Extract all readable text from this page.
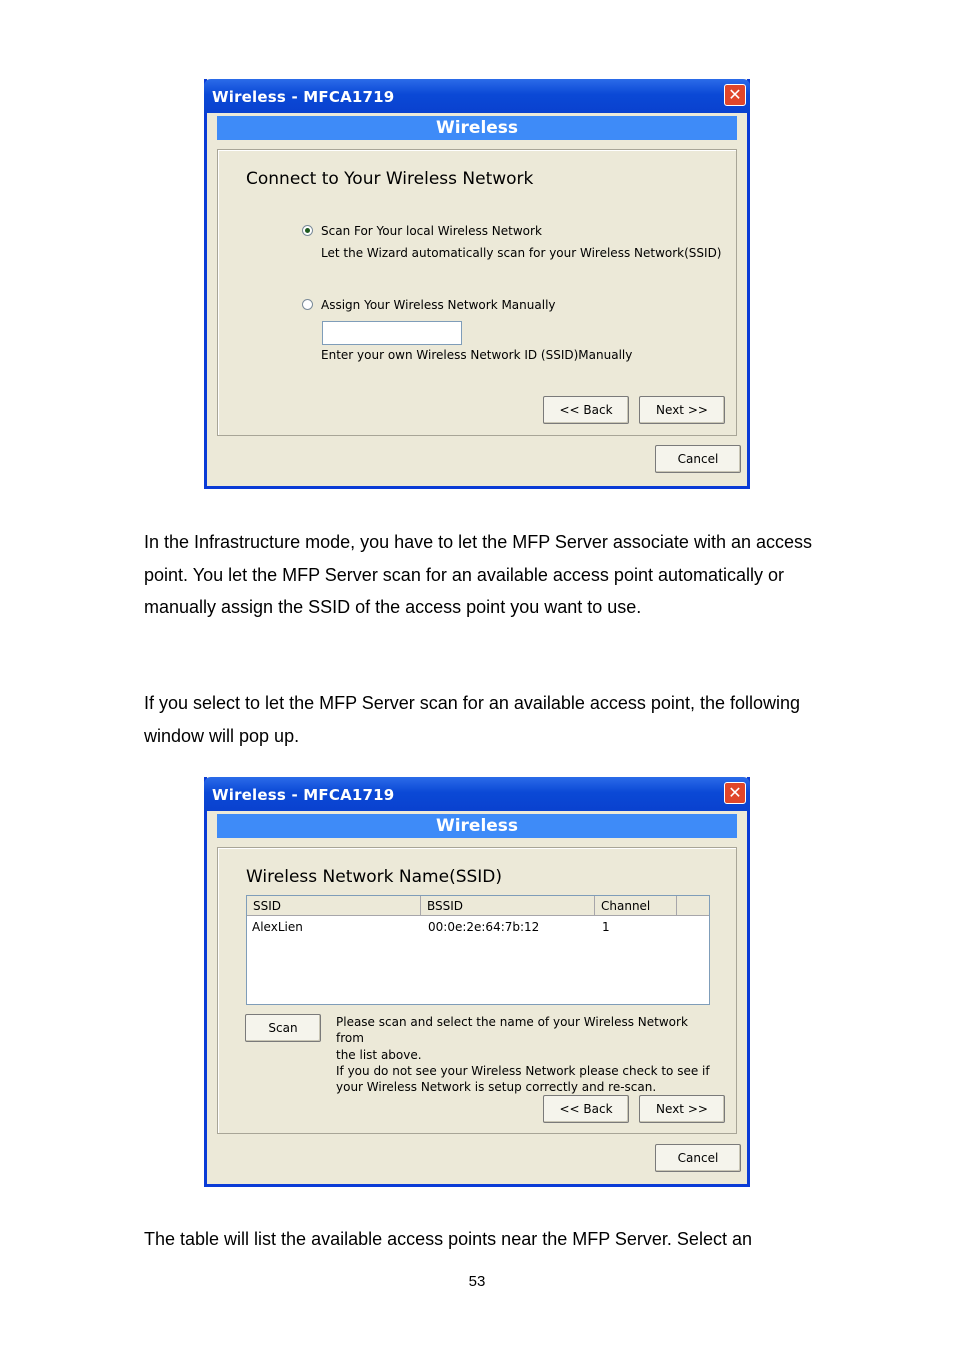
Wireless - MFCA1719	✕
Wireless
Connect to Your Wireless Network
Scan For Your local Wireless Network
Let the Wizard automatically scan for your Wireless Network(SSID)
Assign Your Wireless Network Manually
Enter your own Wireless Network ID (SSID)Manually
<< Back	Next >>
Cancel
In the Infrastructure mode, you have to let the MFP Server associate with an access point. You let the MFP Server scan for an available access point automatically or manually assign the SSID of the access point you want to use.
If you select to let the MFP Server scan for an available access point, the following window will pop up.
Wireless - MFCA1719	✕
Wireless
Wireless Network Name(SSID)
SSID	BSSID	Channel
AlexLien	00:0e:2e:64:7b:12	1
Scan	Please scan and select the name of your Wireless Network from
the list above.
If you do not see your Wireless Network please check to see if
your Wireless Network is setup correctly and re-scan.
<< Back	Next >>
Cancel
The table will list the available access points near the MFP Server. Select an
53
